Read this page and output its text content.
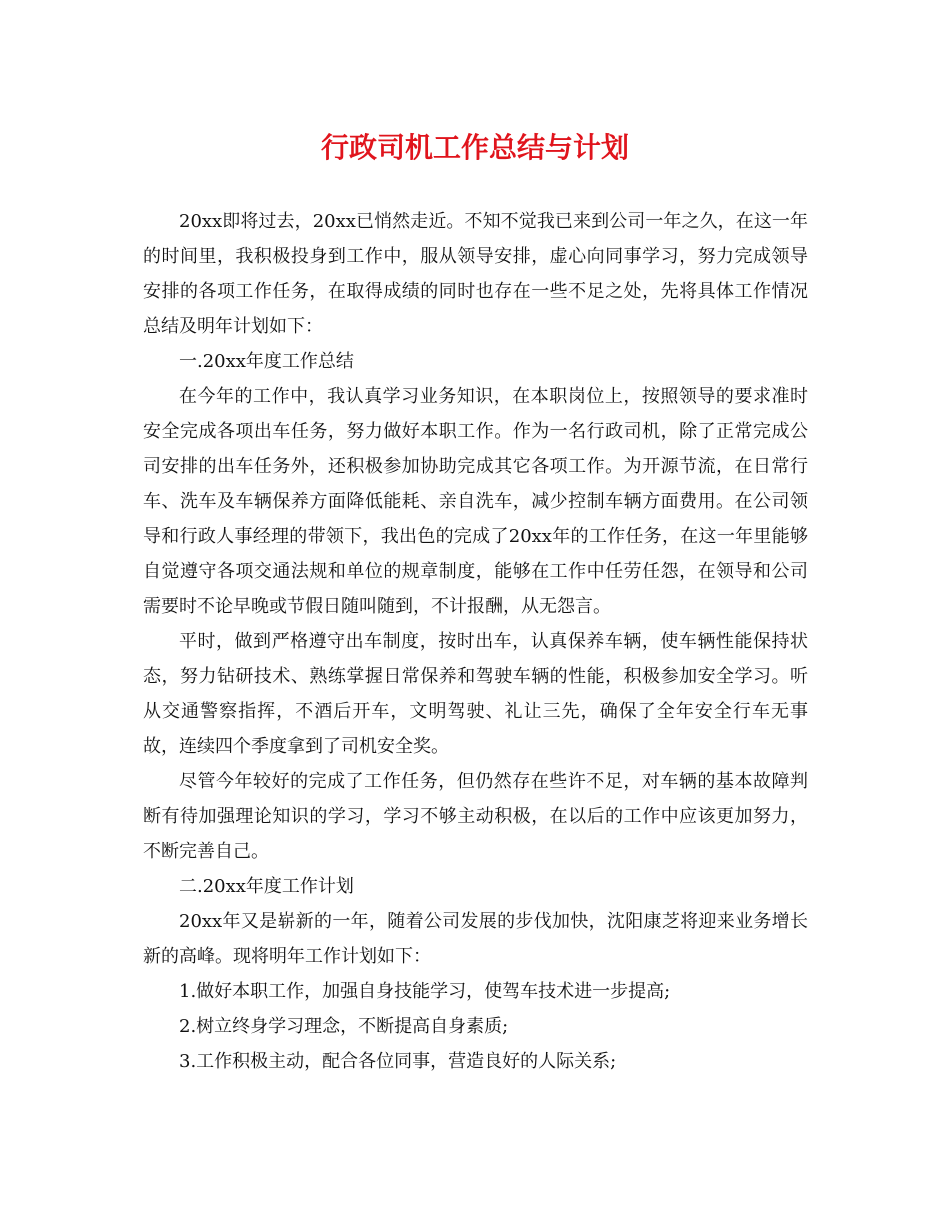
行政司机工作总结与计划

20xx即将过去，20xx已悄然走近。不知不觉我已来到公司一年之久，在这一年的时间里，我积极投身到工作中，服从领导安排，虚心向同事学习，努力完成领导安排的各项工作任务，在取得成绩的同时也存在一些不足之处，先将具体工作情况总结及明年计划如下：

一.20xx年度工作总结

在今年的工作中，我认真学习业务知识，在本职岗位上，按照领导的要求准时安全完成各项出车任务，努力做好本职工作。作为一名行政司机，除了正常完成公司安排的出车任务外，还积极参加协助完成其它各项工作。为开源节流，在日常行车、洗车及车辆保养方面降低能耗、亲自洗车，减少控制车辆方面费用。在公司领导和行政人事经理的带领下，我出色的完成了20xx年的工作任务，在这一年里能够自觉遵守各项交通法规和单位的规章制度，能够在工作中任劳任怨，在领导和公司需要时不论早晚或节假日随叫随到，不计报酬，从无怨言。

平时，做到严格遵守出车制度，按时出车，认真保养车辆，使车辆性能保持状态，努力钻研技术、熟练掌握日常保养和驾驶车辆的性能，积极参加安全学习。听从交通警察指挥，不酒后开车，文明驾驶、礼让三先，确保了全年安全行车无事故，连续四个季度拿到了司机安全奖。

尽管今年较好的完成了工作任务，但仍然存在些许不足，对车辆的基本故障判断有待加强理论知识的学习，学习不够主动积极，在以后的工作中应该更加努力，不断完善自己。

二.20xx年度工作计划

20xx年又是崭新的一年，随着公司发展的步伐加快，沈阳康芝将迎来业务增长新的高峰。现将明年工作计划如下：

1.做好本职工作，加强自身技能学习，使驾车技术进一步提高;

2.树立终身学习理念，不断提高自身素质;

3.工作积极主动，配合各位同事，营造良好的人际关系;
